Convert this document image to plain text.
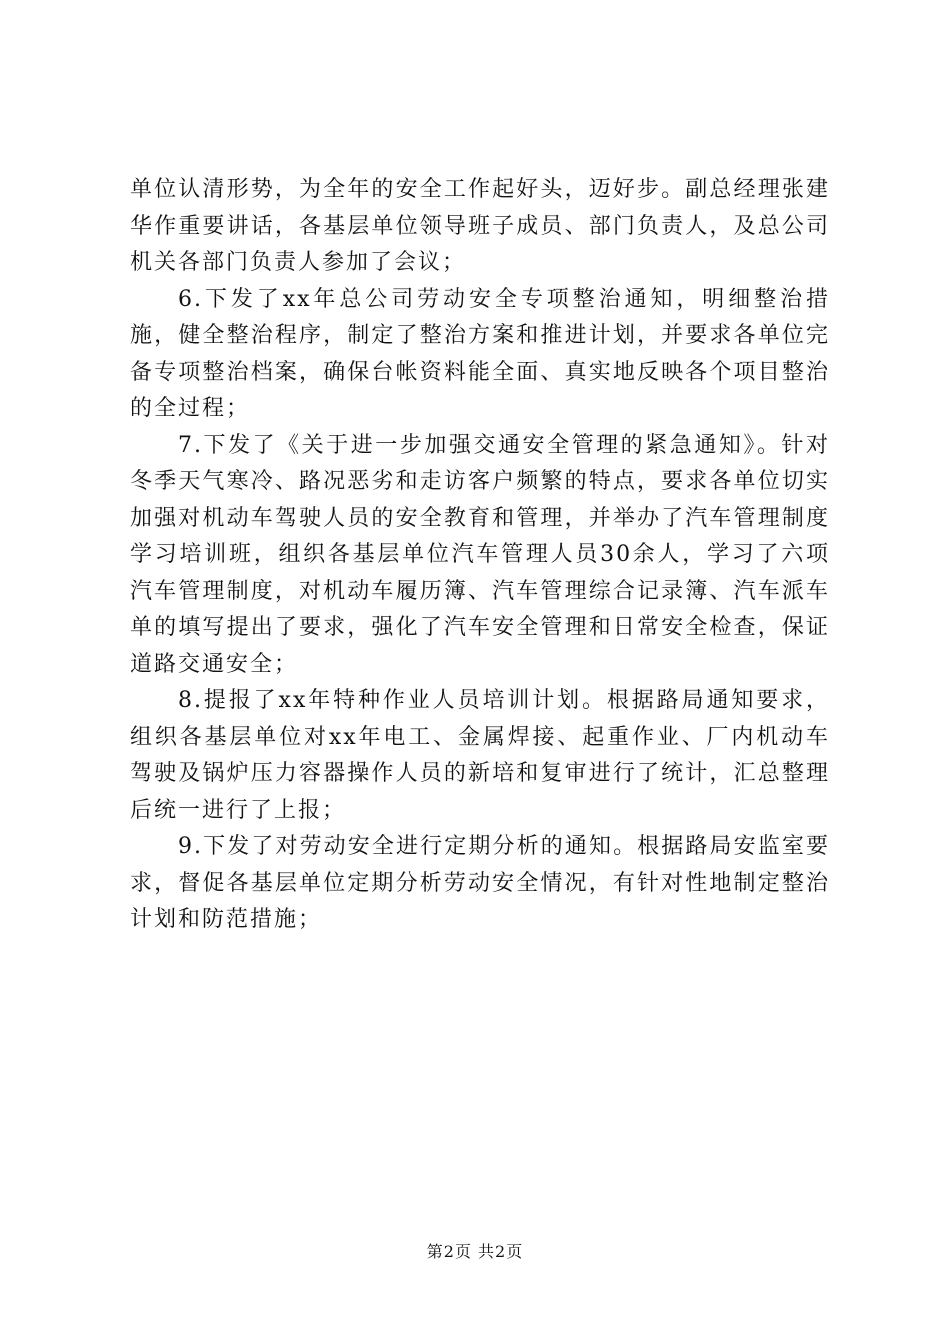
单位认清形势，为全年的安全工作起好头，迈好步。副总经理张建华作重要讲话，各基层单位领导班子成员、部门负责人，及总公司机关各部门负责人参加了会议；

6.下发了xx年总公司劳动安全专项整治通知，明细整治措施，健全整治程序，制定了整治方案和推进计划，并要求各单位完备专项整治档案，确保台帐资料能全面、真实地反映各个项目整治的全过程；

7.下发了《关于进一步加强交通安全管理的紧急通知》。针对冬季天气寒冷、路况恶劣和走访客户频繁的特点，要求各单位切实加强对机动车驾驶人员的安全教育和管理，并举办了汽车管理制度学习培训班，组织各基层单位汽车管理人员30余人，学习了六项汽车管理制度，对机动车履历簿、汽车管理综合记录簿、汽车派车单的填写提出了要求，强化了汽车安全管理和日常安全检查，保证道路交通安全；

8.提报了xx年特种作业人员培训计划。根据路局通知要求，组织各基层单位对xx年电工、金属焊接、起重作业、厂内机动车驾驶及锅炉压力容器操作人员的新培和复审进行了统计，汇总整理后统一进行了上报；

9.下发了对劳动安全进行定期分析的通知。根据路局安监室要求，督促各基层单位定期分析劳动安全情况，有针对性地制定整治计划和防范措施；

第2页 共2页
